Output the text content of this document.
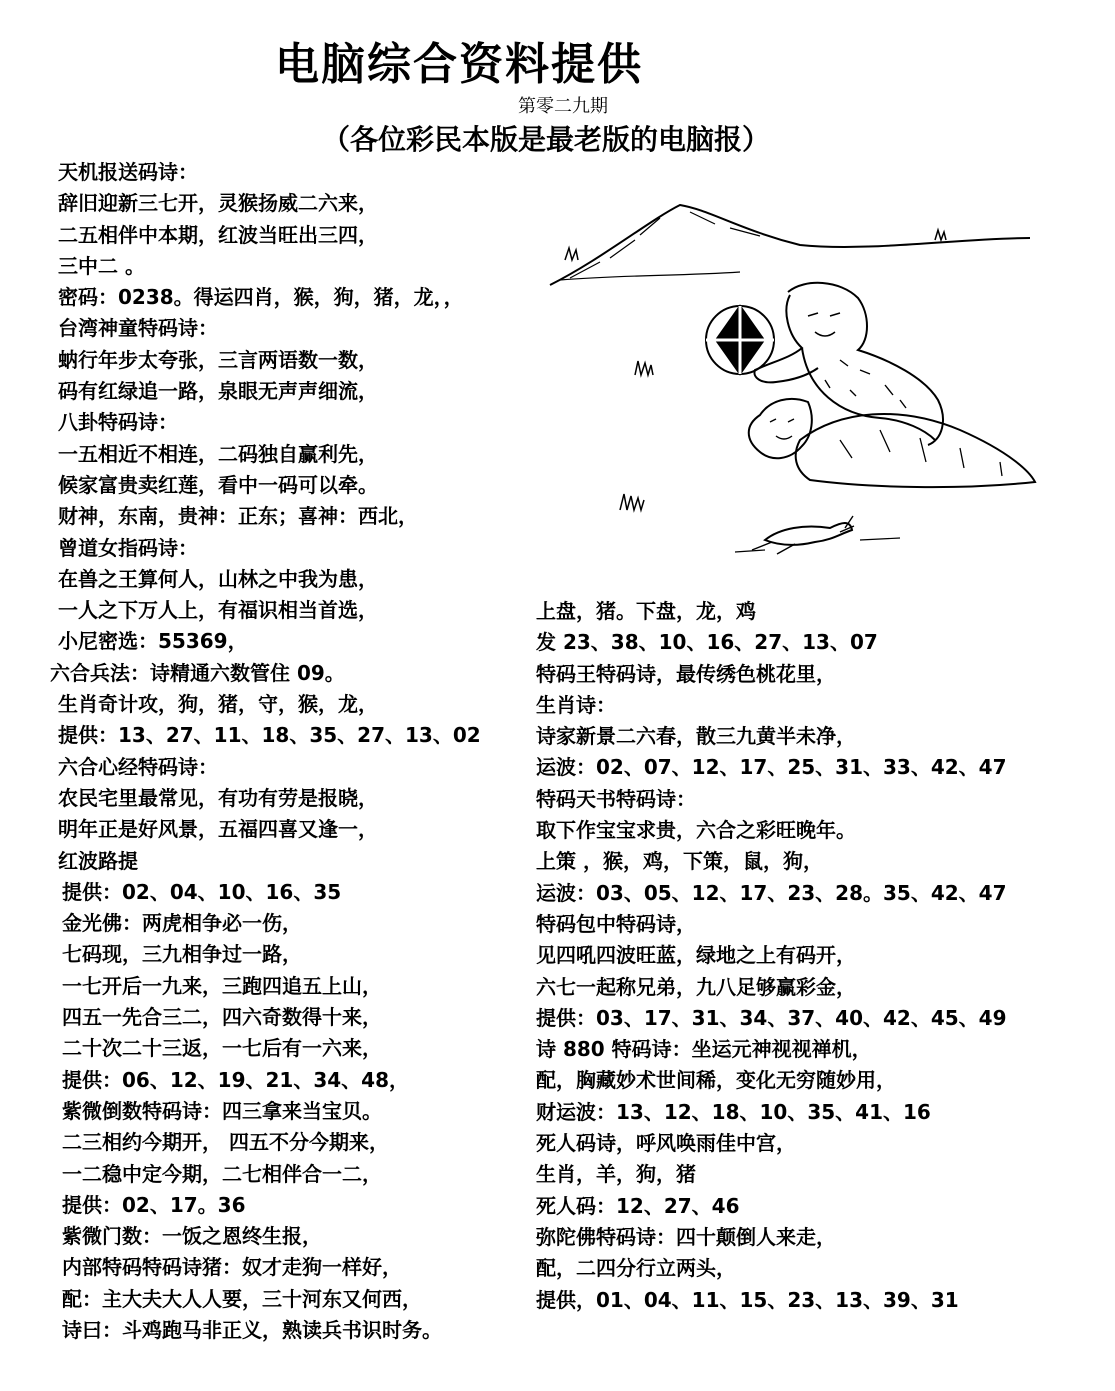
电脑综合资料提供
第零二九期
（各位彩民本版是最老版的电脑报）
天机报送码诗：
辞旧迎新三七开，灵猴扬威二六来，
二五相伴中本期，红波当旺出三四，
三中二 。
密码：0238。得运四肖，猴，狗，猪，龙，，
台湾神童特码诗：
蚋行年步太夸张，三言两语数一数，
码有红绿追一路，泉眼无声声细流，
八卦特码诗：
一五相近不相连，二码独自赢利先，
候家富贵卖红莲，看中一码可以牵。
财神，东南，贵神：正东；喜神：西北，
曾道女指码诗：
在兽之王算何人，山林之中我为患，
一人之下万人上，有福识相当首选，
小尼密选：55369，
六合兵法：诗精通六数管住 09。
生肖奇计攻，狗，猪，守，猴，龙，
提供：13、27、11、18、35、27、13、02
六合心经特码诗：
农民宅里最常见，有功有劳是报晓，
明年正是好风景，五福四喜又逢一，
红波路提
提供：02、04、10、16、35
金光佛：两虎相争必一伤，
七码现，三九相争过一路，
一七开后一九来，三跑四追五上山，
四五一先合三二，四六奇数得十来，
二十次二十三返，一七后有一六来，
提供：06、12、19、21、34、48，
紫微倒数特码诗：四三拿来当宝贝。
二三相约今期开， 四五不分今期来，
一二稳中定今期，二七相伴合一二，
提供：02、17。36
紫微门数：一饭之恩终生报，
内部特码特码诗猪：奴才走狗一样好，
配：主大夫大人人要，三十河东又何西，
诗曰：斗鸡跑马非正义，熟读兵书识时务。
上盘，猪。下盘，龙，鸡
发 23、38、10、16、27、13、07
特码王特码诗，最传绣色桃花里，
生肖诗：
诗家新景二六春，散三九黄半未净，
运波：02、07、12、17、25、31、33、42、47
特码天书特码诗：
取下作宝宝求贵，六合之彩旺晚年。
上策 ，猴，鸡，下策，鼠，狗，
运波：03、05、12、17、23、28。35、42、47
特码包中特码诗，
见四吼四波旺蓝，绿地之上有码开，
六七一起称兄弟，九八足够赢彩金，
提供：03、17、31、34、37、40、42、45、49
诗 880 特码诗：坐运元神视视禅机，
配，胸藏妙术世间稀，变化无穷随妙用，
财运波：13、12、18、10、35、41、16
死人码诗，呼风唤雨佳中宫，
生肖，羊，狗，猪
死人码：12、27、46
弥陀佛特码诗：四十颠倒人来走，
配，二四分行立两头，
提供，01、04、11、15、23、13、39、31
